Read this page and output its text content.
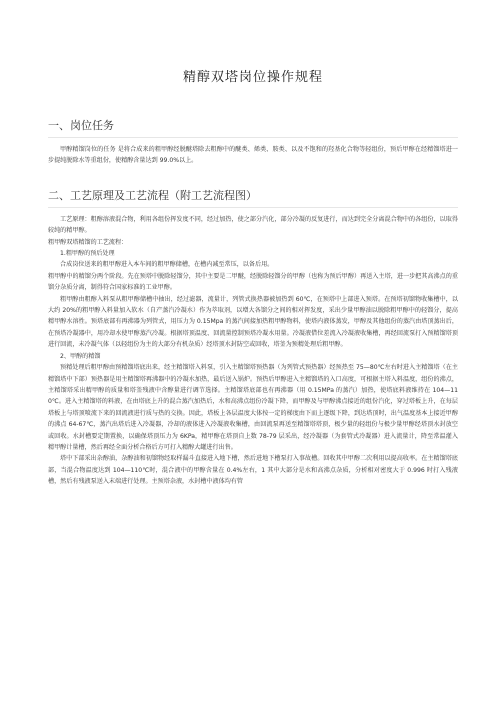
精醇双塔岗位操作规程
一、岗位任务

甲醇精馏岗位的任务 是将合成来的粗甲醇经脱醚塔除去粗醇中的醚类、烯类、胺类、以及不饱和的羟基化合物等轻组份，预后甲醇在经精馏塔进一步提纯脱除水等重组份，使精醇含量达到 99.0%以上。

二、工艺原理及工艺流程（附工艺流程图）

工艺原理：粗醇溶液混合物，利用各组份挥发度不同，经过加热，使之部分汽化，部分冷凝的反复进行，而达到完全分离混合物中的各组份，以取得较纯的精甲醇。

粗甲醇双塔精馏的工艺流程：

1.粗甲醇的预后处理

合成岗位送来的粗甲醇进入本车间的粗甲醇储槽，在槽内减至常压，以备后用。

粗甲醇中的精馏分两个阶段。先在预塔中脱除轻馏分，其中主要是二甲醚，经脱除轻馏分的甲醇（也称为预后甲醇）再送入主塔，进一步把其高沸点的重馏分杂质分离，制得符合国家标准的工业甲醇。

粗甲醇由粗醇入料泵从粗甲醇储槽中抽出，经过滤器，流量计，列管式换热器被加热到 60℃，在预塔中上部进入预塔。在预塔初馏物收集槽中，以大约 20%的粗甲醇入料量加入软水（自产蒸汽冷凝水）作为萃取剂，以增大各馏分之间的相对挥发度，采出少量甲醇油以脱除粗甲醇中的轻馏分，提高精甲醇水溶性。预塔底部有再沸器为列管式，用压力为 0.15Mpa 的蒸汽间接加热粗甲醇物料，使塔内液体蒸发，甲醇及其他组份的蒸汽由塔顶蒸出后，在预塔冷凝器中，用冷却水使甲醇蒸汽冷凝。根据塔顶温度、回流量控制预塔冷凝水用量。冷凝液借位差流入冷凝液收集槽，再经回流泵打入预精馏塔顶进行回流，未冷凝气体（以轻组份为主的大部分有机杂质）经塔顶水封防空或回收，塔釜为预精处理后粗甲醇。

2、甲醇的精馏

预精处理后粗甲醇由预精馏塔底出来，经主精馏塔入料泵，引入主精馏塔预热器（为列管式预热器）经预热至 75—80℃左右时进入主精馏塔（在主精馏塔中下部）预热器是用主精馏塔再沸器中的冷凝水加热，最后送入锅炉。预热后甲醇进入主精馏塔的入口高度，可根据主塔入料温度，组份的沸点，主精馏塔采出精甲醇的质量和塔釜残液中含醇量进行调节选择。主精馏塔底部也有再沸器（用 0.15MPa 的蒸汽）加热，使塔底料液维持在 104—110℃。进入主精馏塔的料液，在由塔底上升的混合蒸汽加热后，水和高沸点组份冷凝下降，而甲醇及与甲醇沸点接近的组份汽化，穿过塔板上升，在每层塔板上与塔顶喷流下来的回流液进行质与热的交换。因此，塔板上各层温度大体按一定的梯度由下而上逐级下降，到达塔顶时，出气温度基本上接近甲醇的沸点 64-67℃，蒸汽出塔后进入冷凝器，冷却的液体进入冷凝液收集槽，由回流泵再送至精馏塔塔顶，极少量的轻组份与极少量甲醇经塔顶水封放空或回收。水封槽要定期置换，以确保塔顶压力为 6KPa，精甲醇在塔顶自上数 78-79 层采出，经冷凝器（为套管式冷凝器）进入流量计，降至常温灌入精甲醇计量槽，然后再经全面分析合格后方可打入精醇大罐进行出售。

塔中下部采出杂醇油，杂醇油和初馏物经取样漏斗直接进入地下槽，然后进地下槽泵打入事故槽。回收其中甲醇二次利用以提高收率。在主精馏塔底部，当混合物温度达到 104—110℃时，混合液中的甲醇含量在 0.4%左右，1 其中大部分是水和高沸点杂质，分析相对密度大于 0.996 时打入残液槽，然后有残液泵送入末端进行处理。主预塔杂液，水封槽中液体均有管
